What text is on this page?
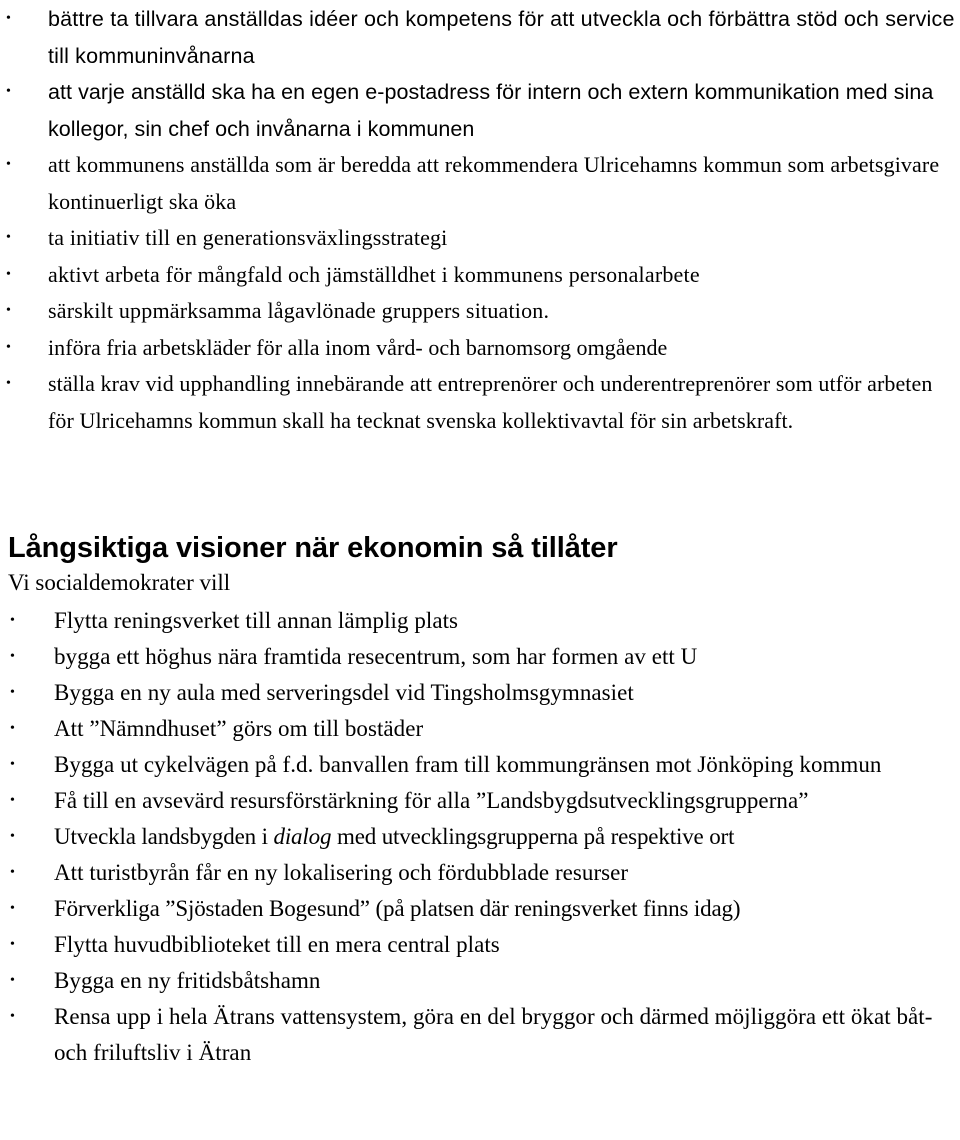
• bättre ta tillvara anställdas idéer och kompetens för att utveckla och förbättra stöd och service till kommuninvånarna
• att varje anställd ska ha en egen e-postadress för intern och extern kommunikation med sina kollegor, sin chef och invånarna i kommunen
• att kommunens anställda som är beredda att rekommendera Ulricehamns kommun som arbetsgivare kontinuerligt ska öka
• ta initiativ till en generationsväxlingsstrategi
• aktivt arbeta för mångfald och jämställdhet i kommunens personalarbete
• särskilt uppmärksamma lågavlönade gruppers situation.
• införa fria arbetskläder för alla inom vård- och barnomsorg omgående
• ställa krav vid upphandling innebärande att entreprenörer och underentreprenörer som utför arbeten för Ulricehamns kommun skall ha tecknat svenska kollektivavtal för sin arbetskraft.
Långsiktiga visioner när ekonomin så tillåter

Vi socialdemokrater vill

• Flytta reningsverket till annan lämplig plats
• bygga ett höghus nära framtida resecentrum, som har formen av ett U
• Bygga en ny aula med serveringsdel vid Tingsholmsgymnasiet
• Att ”Nämndhuset” görs om till bostäder
• Bygga ut cykelvägen på f.d. banvallen fram till kommungränsen mot Jönköping kommun
• Få till en avsevärd resursförstärkning för alla ”Landsbygdsutvecklingsgrupperna”
• Utveckla landsbygden i dialog med utvecklingsgrupperna på respektive ort
• Att turistbyrån får en ny lokalisering och fördubblade resurser
• Förverkliga ”Sjöstaden Bogesund” (på platsen där reningsverket finns idag)
• Flytta huvudbiblioteket till en mera central plats
• Bygga en ny fritidsbåtshamn
• Rensa upp i hela Ätrans vattensystem, göra en del bryggor och därmed möjliggöra ett ökat båt- och friluftsliv i Ätran
